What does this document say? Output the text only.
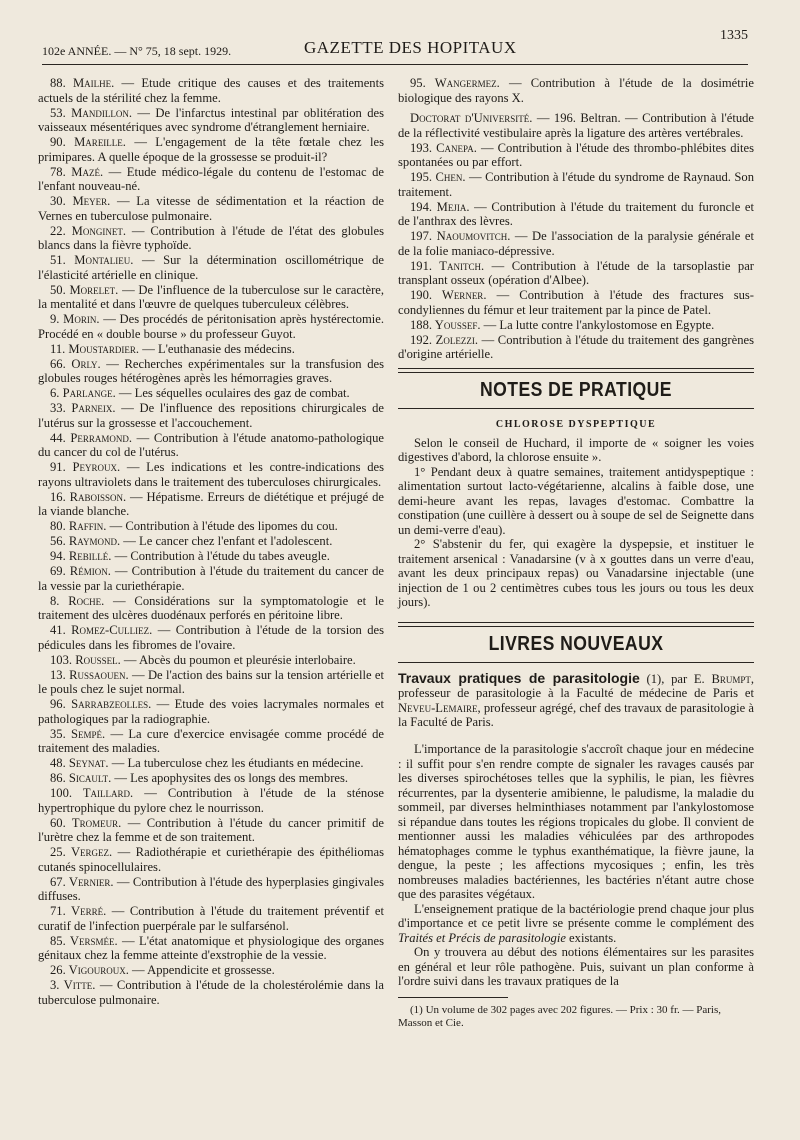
102e ANNÉE. — N° 75, 18 sept. 1929.	GAZETTE DES HOPITAUX
1335

88. Mailhe. — Etude critique des causes et des traitements actuels de la stérilité chez la femme.

53. Mandillon. — De l'infarctus intestinal par oblitération des vaisseaux mésentériques avec syndrome d'étranglement herniaire.

90. Mareille. — L'engagement de la tête fœtale chez les primipares. A quelle époque de la grossesse se produit-il?

78. Mazé. — Etude médico-légale du contenu de l'estomac de l'enfant nouveau-né.

30. Meyer. — La vitesse de sédimentation et la réaction de Vernes en tuberculose pulmonaire.

22. Monginet. — Contribution à l'étude de l'état des globules blancs dans la fièvre typhoïde.

51. Montalieu. — Sur la détermination oscillométrique de l'élasticité artérielle en clinique.

50. Morelet. — De l'influence de la tuberculose sur le caractère, la mentalité et dans l'œuvre de quelques tuberculeux célèbres.

9. Morin. — Des procédés de péritonisation après hystérectomie. Procédé en « double bourse » du professeur Guyot.

11. Moustardier. — L'euthanasie des médecins.

66. Orly. — Recherches expérimentales sur la transfusion des globules rouges hétérogènes après les hémorragies graves.

6. Parlange. — Les séquelles oculaires des gaz de combat.

33. Parneix. — De l'influence des repositions chirurgicales de l'utérus sur la grossesse et l'accouchement.

44. Perramond. — Contribution à l'étude anatomo-pathologique du cancer du col de l'utérus.

91. Peyroux. — Les indications et les contre-indications des rayons ultraviolets dans le traitement des tuberculoses chirurgicales.

16. Raboisson. — Hépatisme. Erreurs de diététique et préjugé de la viande blanche.

80. Raffin. — Contribution à l'étude des lipomes du cou.

56. Raymond. — Le cancer chez l'enfant et l'adolescent.

94. Rebillé. — Contribution à l'étude du tabes aveugle.

69. Rémion. — Contribution à l'étude du traitement du cancer de la vessie par la curiethérapie.

8. Roche. — Considérations sur la symptomatologie et le traitement des ulcères duodénaux perforés en péritoine libre.

41. Romez-Culliez. — Contribution à l'étude de la torsion des pédicules dans les fibromes de l'ovaire.

103. Roussel. — Abcès du poumon et pleurésie interlobaire.

13. Russaouen. — De l'action des bains sur la tension artérielle et le pouls chez le sujet normal.

96. Sarrabzeolles. — Etude des voies lacrymales normales et pathologiques par la radiographie.

35. Sempé. — La cure d'exercice envisagée comme procédé de traitement des maladies.

48. Seynat. — La tuberculose chez les étudiants en médecine.

86. Sicault. — Les apophysites des os longs des membres.

100. Taillard. — Contribution à l'étude de la sténose hypertrophique du pylore chez le nourrisson.

60. Tromeur. — Contribution à l'étude du cancer primitif de l'urètre chez la femme et de son traitement.

25. Vergez. — Radiothérapie et curiethérapie des épithéliomas cutanés spinocellulaires.

67. Vernier. — Contribution à l'étude des hyperplasies gingivales diffuses.

71. Verré. — Contribution à l'étude du traitement préventif et curatif de l'infection puerpérale par le sulfarsénol.

85. Versmée. — L'état anatomique et physiologique des organes génitaux chez la femme atteinte d'exstrophie de la vessie.

26. Vigouroux. — Appendicite et grossesse.

3. Vitte. — Contribution à l'étude de la cholestérolémie dans la tuberculose pulmonaire.

95. Wangermez. — Contribution à l'étude de la dosimétrie biologique des rayons X.

Doctorat d'Université. — 196. Beltran. — Contribution à l'étude de la réflectivité vestibulaire après la ligature des artères vertébrales.

193. Canepa. — Contribution à l'étude des thrombo-phlébites dites spontanées ou par effort.

195. Chen. — Contribution à l'étude du syndrome de Raynaud. Son traitement.

194. Mejia. — Contribution à l'étude du traitement du furoncle et de l'anthrax des lèvres.

197. Naoumovitch. — De l'association de la paralysie générale et de la folie maniaco-dépressive.

191. Tanitch. — Contribution à l'étude de la tarsoplastie par transplant osseux (opération d'Albee).

190. Werner. — Contribution à l'étude des fractures sus-condyliennes du fémur et leur traitement par la pince de Patel.

188. Youssef. — La lutte contre l'ankylostomose en Egypte.

192. Zolezzi. — Contribution à l'étude du traitement des gangrènes d'origine artérielle.

NOTES DE PRATIQUE
CHLOROSE DYSPEPTIQUE

Selon le conseil de Huchard, il importe de « soigner les voies digestives d'abord, la chlorose ensuite ».

1° Pendant deux à quatre semaines, traitement antidyspeptique : alimentation surtout lacto-végétarienne, alcalins à faible dose, une demi-heure avant les repas, lavages d'estomac. Combattre la constipation (une cuillère à dessert ou à soupe de sel de Seignette dans un demi-verre d'eau).

2° S'abstenir du fer, qui exagère la dyspepsie, et instituer le traitement arsenical : Vanadarsine (v à x gouttes dans un verre d'eau, avant les deux principaux repas) ou Vanadarsine injectable (une injection de 1 ou 2 centimètres cubes tous les jours ou tous les deux jours).

LIVRES NOUVEAUX

Travaux pratiques de parasitologie (1), par E. Brumpt, professeur de parasitologie à la Faculté de médecine de Paris et Neveu-Lemaire, professeur agrégé, chef des travaux de parasitologie à la Faculté de Paris.

L'importance de la parasitologie s'accroît chaque jour en médecine : il suffit pour s'en rendre compte de signaler les ravages causés par les diverses spirochétoses telles que la syphilis, le pian, les fièvres récurrentes, par la dysenterie amibienne, le paludisme, la maladie du sommeil, par diverses helminthiases notamment par l'ankylostomose si répandue dans toutes les régions tropicales du globe. Il convient de mentionner aussi les maladies véhiculées par des arthropodes hématophages comme le typhus exanthématique, la fièvre jaune, la dengue, la peste ; les affections mycosiques ; enfin, les très nombreuses maladies bactériennes, les bactéries n'étant autre chose que des parasites végétaux.

L'enseignement pratique de la bactériologie prend chaque jour plus d'importance et ce petit livre se présente comme le complément des Traités et Précis de parasitologie existants.

On y trouvera au début des notions élémentaires sur les parasites en général et leur rôle pathogène. Puis, suivant un plan conforme à l'ordre suivi dans les travaux pratiques de la

(1) Un volume de 302 pages avec 202 figures. — Prix : 30 fr. — Paris, Masson et Cie.
